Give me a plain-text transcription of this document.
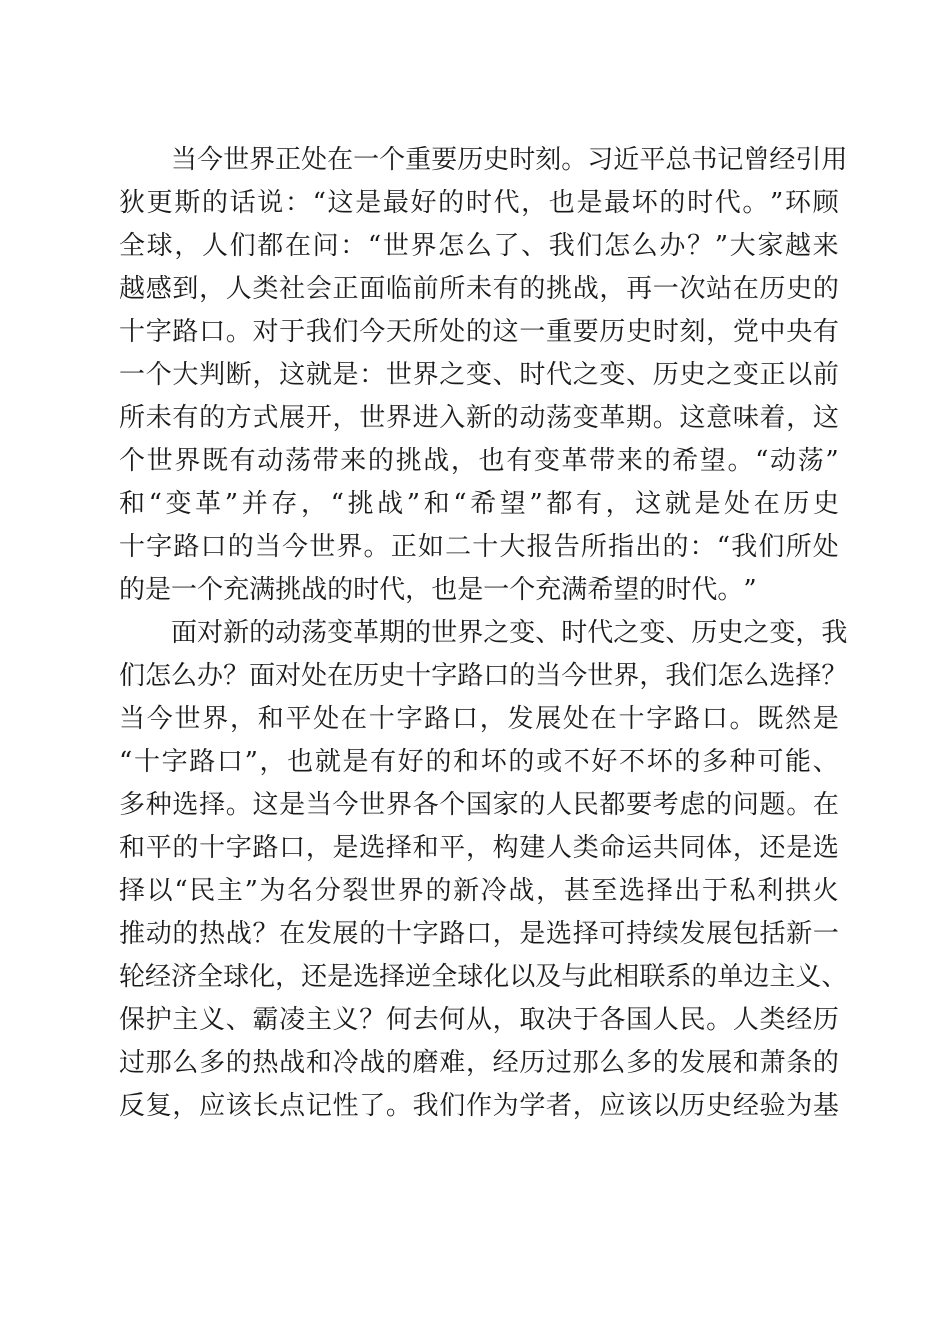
当 今 世 界 正 处 在 一 个 重 要 历 史 时 刻 。 习 近 平 总 书 记 曾 经 引 用
狄 更 斯 的 话 说 ： “ 这 是 最 好 的 时 代 ， 也 是 最 坏 的 时 代 。 ” 环 顾
全 球 ， 人 们 都 在 问 ： “ 世 界 怎 么 了 、 我 们 怎 么 办 ？ ” 大 家 越 来
越 感 到 ， 人 类 社 会 正 面 临 前 所 未 有 的 挑 战 ， 再 一 次 站 在 历 史 的
十 字 路 口 。 对 于 我 们 今 天 所 处 的 这 一 重 要 历 史 时 刻 ， 党 中 央 有
一 个 大 判 断 ， 这 就 是 ： 世 界 之 变 、 时 代 之 变 、 历 史 之 变 正 以 前
所 未 有 的 方 式 展 开 ， 世 界 进 入 新 的 动 荡 变 革 期 。 这 意 味 着 ， 这
个 世 界 既 有 动 荡 带 来 的 挑 战 ， 也 有 变 革 带 来 的 希 望 。 “ 动 荡 ”
和 “ 变 革 ” 并 存 ， “ 挑 战 ” 和 “ 希 望 ” 都 有 ， 这 就 是 处 在 历 史
十 字 路 口 的 当 今 世 界 。 正 如 二 十 大 报 告 所 指 出 的 ： “ 我 们 所 处
的 是 一 个 充 满 挑 战 的 时 代 ， 也 是 一 个 充 满 希 望 的 时 代 。 ”

面 对 新 的 动 荡 变 革 期 的 世 界 之 变 、 时 代 之 变 、 历 史 之 变 ， 我
们 怎 么 办 ？ 面 对 处 在 历 史 十 字 路 口 的 当 今 世 界 ， 我 们 怎 么 选 择 ？
当 今 世 界 ， 和 平 处 在 十 字 路 口 ， 发 展 处 在 十 字 路 口 。 既 然 是
“ 十 字 路 口 ” ， 也 就 是 有 好 的 和 坏 的 或 不 好 不 坏 的 多 种 可 能 、
多 种 选 择 。 这 是 当 今 世 界 各 个 国 家 的 人 民 都 要 考 虑 的 问 题 。 在
和 平 的 十 字 路 口 ， 是 选 择 和 平 ， 构 建 人 类 命 运 共 同 体 ， 还 是 选
择 以 “ 民 主 ” 为 名 分 裂 世 界 的 新 冷 战 ， 甚 至 选 择 出 于 私 利 拱 火
推 动 的 热 战 ？ 在 发 展 的 十 字 路 口 ， 是 选 择 可 持 续 发 展 包 括 新 一
轮 经 济 全 球 化 ， 还 是 选 择 逆 全 球 化 以 及 与 此 相 联 系 的 单 边 主 义 、
保 护 主 义 、 霸 凌 主 义 ？ 何 去 何 从 ， 取 决 于 各 国 人 民 。 人 类 经 历
过 那 么 多 的 热 战 和 冷 战 的 磨 难 ， 经 历 过 那 么 多 的 发 展 和 萧 条 的
反 复 ， 应 该 长 点 记 性 了 。 我 们 作 为 学 者 ， 应 该 以 历 史 经 验 为 基
